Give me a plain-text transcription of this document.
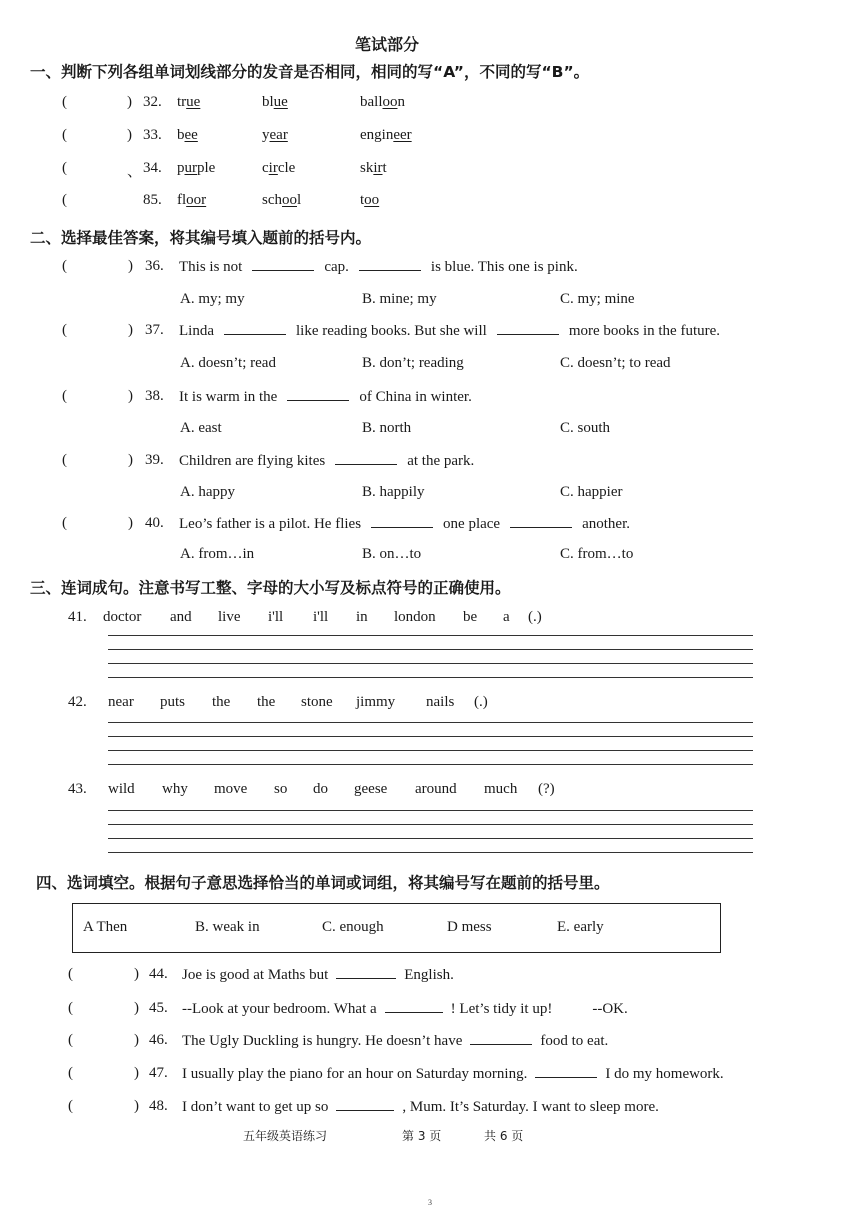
笔试部分
一、判断下列各组单词划线部分的发音是否相同，相同的写“A”，不同的写“B”。
(	) 32. true	blue	balloon
(	) 33. bee	year	engineer
(	、 34. purple	circle	skirt
(	85. floor	school	too
二、选择最佳答案，将其编号填入题前的括号内。
(	) 36. This is not	cap.	is blue. This one is pink.
A. my; my	B. mine; my	C. my; mine
(	) 37. Linda	like reading books. But she will	more books in the future.
A. doesn’t; read	B. don’t; reading	C. doesn’t; to read
(	) 38. It is warm in the	of China in winter.
A. east	B. north	C. south
(	) 39. Children are flying kites	at the park.
A. happy	B. happily	C. happier
(	) 40. Leo’s father is a pilot. He flies	one place	another.
A. from…in	B. on…to	C. from…to
三、连词成句。注意书写工整、字母的大小写及标点符号的正确使用。
41. doctor and live i'll i'll in london be a (.)
42. near puts the the stone jimmy nails (.)
43. wild why move so do geese around much (?)
四、选词填空。根据句子意思选择恰当的单词或词组，将其编号写在题前的括号里。
A Then	B. weak in	C. enough	D mess	E. early
(	) 44. Joe is good at Maths but	English.
(	) 45. --Look at your bedroom. What a	! Let’s tidy it up!	--OK.
(	) 46. The Ugly Duckling is hungry. He doesn’t have	food to eat.
(	) 47. I usually play the piano for an hour on Saturday morning.	I do my homework.
(	) 48. I don’t want to get up so	, Mum. It’s Saturday. I want to sleep more.
五年级英语练习	第 3 页	共 6 页
3
